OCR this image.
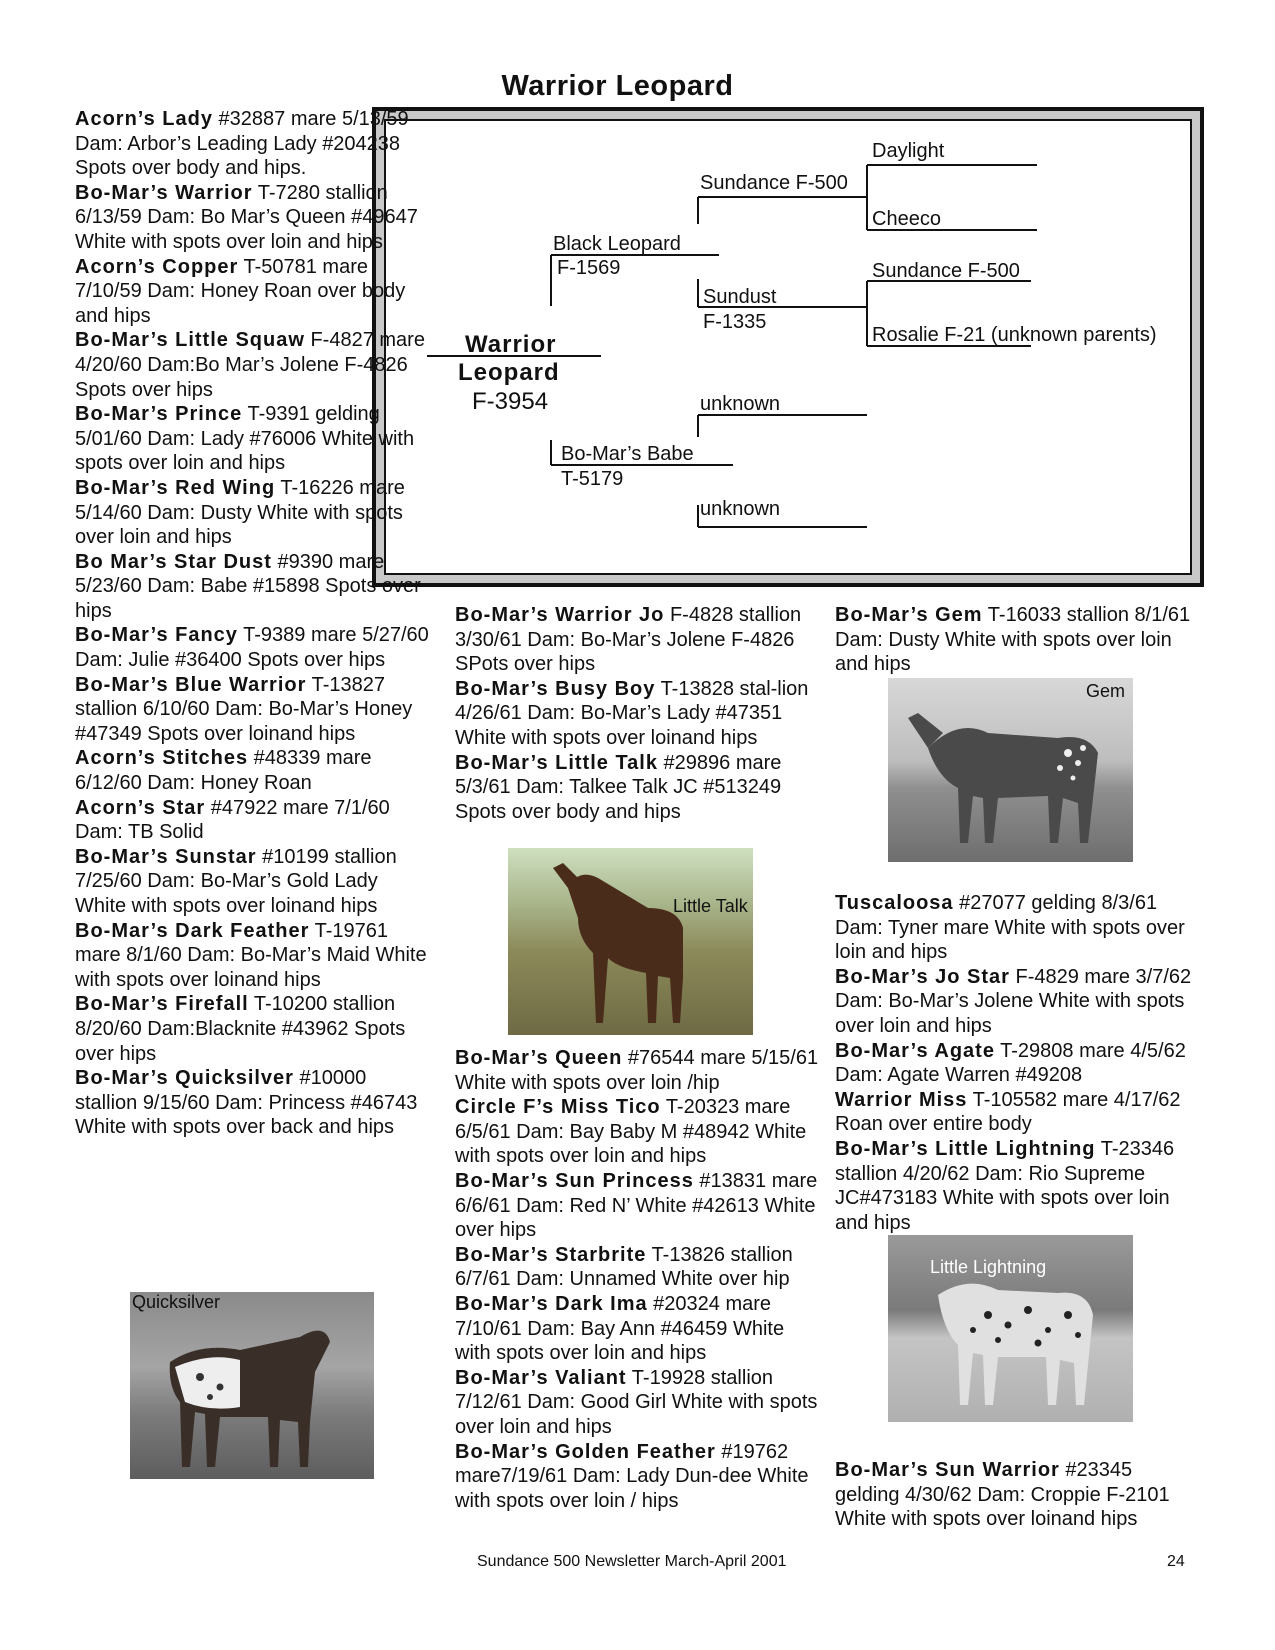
Warrior Leopard
Warrior
Leopard
F-3954
Black Leopard
F-1569
Bo-Mar’s Babe
T-5179
Sundance F-500
Sundust
F-1335
unknown
unknown
Daylight
Cheeco
Sundance F-500
Rosalie F-21 (unknown parents)
Acorn’s Lady #32887 mare 5/13/59 Dam: Arbor’s Leading Lady #204238 Spots over body and hips.
Bo-Mar’s Warrior T-7280 stallion 6/13/59 Dam: Bo Mar’s Queen #49647 White with spots over loin and hips
Acorn’s Copper T-50781 mare 7/10/59 Dam: Honey Roan over body and hips
Bo-Mar’s Little Squaw F-4827 mare 4/20/60 Dam:Bo Mar’s Jolene F-4826 Spots over hips
Bo-Mar’s Prince T-9391 gelding 5/01/60 Dam: Lady #76006 White with spots over loin and hips
Bo-Mar’s Red Wing T-16226 mare 5/14/60 Dam: Dusty White with spots over loin and hips
Bo Mar’s Star Dust #9390 mare 5/23/60 Dam: Babe #15898 Spots over hips
Bo-Mar’s Fancy T-9389 mare 5/27/60 Dam: Julie #36400 Spots over hips
Bo-Mar’s Blue Warrior T-13827 stallion 6/10/60 Dam: Bo-Mar’s Honey #47349 Spots over loinand hips
Acorn’s Stitches #48339 mare 6/12/60 Dam: Honey Roan
Acorn’s Star #47922 mare 7/1/60 Dam: TB Solid
Bo-Mar’s Sunstar #10199 stallion 7/25/60 Dam: Bo-Mar’s Gold Lady White with spots over loinand hips
Bo-Mar’s Dark Feather T-19761 mare 8/1/60 Dam: Bo-Mar’s Maid White with spots over loinand hips
Bo-Mar’s Firefall T-10200 stallion 8/20/60 Dam:Blacknite #43962 Spots over hips
Bo-Mar’s Quicksilver #10000 stallion 9/15/60 Dam: Princess #46743 White with spots over back and hips
Bo-Mar’s Warrior Jo F-4828 stallion 3/30/61 Dam: Bo-Mar’s Jolene F-4826 SPots over hips
Bo-Mar’s Busy Boy T-13828 stal-lion 4/26/61 Dam: Bo-Mar’s Lady #47351 White with spots over loinand hips
Bo-Mar’s Little Talk #29896 mare 5/3/61 Dam: Talkee Talk JC #513249 Spots over body and hips
Bo-Mar’s Queen #76544 mare 5/15/61 White with spots over loin /hip
Circle F’s Miss Tico T-20323 mare 6/5/61 Dam: Bay Baby M #48942 White with spots over loin and hips
Bo-Mar’s Sun Princess #13831 mare 6/6/61 Dam: Red N’ White #42613 White over hips
Bo-Mar’s Starbrite T-13826 stallion 6/7/61 Dam: Unnamed White over hip
Bo-Mar’s Dark Ima #20324 mare 7/10/61 Dam: Bay Ann #46459 White with spots over loin and hips
Bo-Mar’s Valiant T-19928 stallion 7/12/61 Dam: Good Girl White with spots over loin and hips
Bo-Mar’s Golden Feather #19762 mare7/19/61 Dam: Lady Dun-dee White with spots over loin / hips
Bo-Mar’s Gem T-16033 stallion 8/1/61 Dam: Dusty White with spots over loin and hips
Tuscaloosa #27077 gelding 8/3/61 Dam: Tyner mare White with spots over loin and hips
Bo-Mar’s Jo Star F-4829 mare 3/7/62 Dam: Bo-Mar’s Jolene White with spots over loin and hips
Bo-Mar’s Agate T-29808 mare 4/5/62 Dam: Agate Warren #49208
Warrior Miss T-105582 mare 4/17/62 Roan over entire body
Bo-Mar’s Little Lightning T-23346 stallion 4/20/62 Dam: Rio Supreme JC#473183 White with spots over loin and hips
Bo-Mar’s Sun Warrior #23345 gelding 4/30/62 Dam: Croppie F-2101 White with spots over loinand hips
Gem
Little Talk
Little Lightning
Quicksilver
Sundance 500 Newsletter March-April 2001	24
